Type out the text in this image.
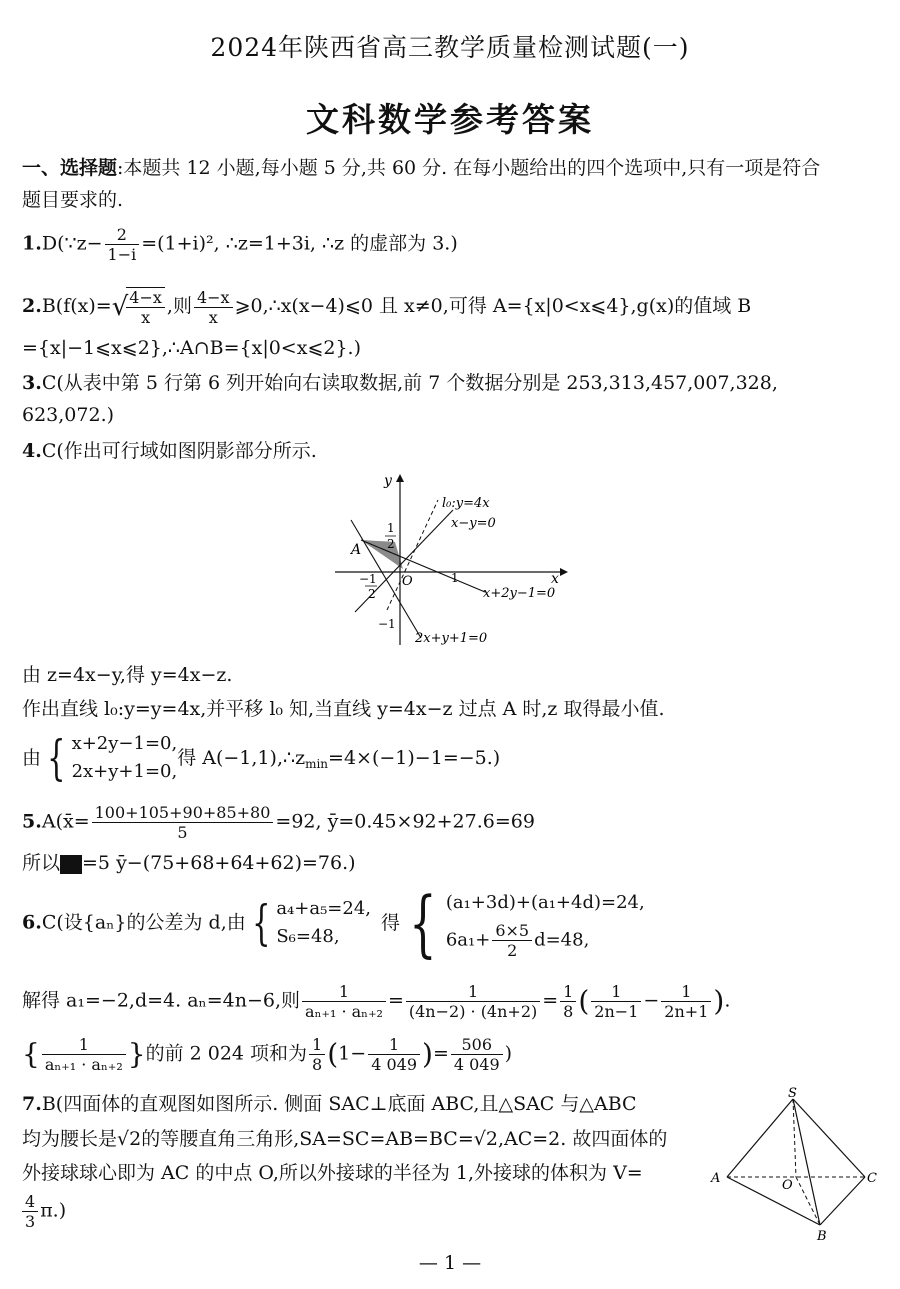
2024年陕西省高三教学质量检测试题(一)
文科数学参考答案
一、选择题:本题共 12 小题,每小题 5 分,共 60 分. 在每小题给出的四个选项中,只有一项是符合
题目要求的.
1.D(∵z− $\frac{2}{1-i} =(1+i)^2$, ∴z=1+3i, ∴z 的虚部为 3.)
2.B(f(x)=√
$\frac{4-x}{x}$ ,则 $\frac{4-x}{x}$ ⩾0,∴x(x−4)⩽0 且 x≠0,可得 A={x|0<x⩽4},g(x)的值域 B
={x|−1⩽x⩽2},∴A∩B={x|0<x⩽2}.)
3.C(从表中第 5 行第 6 列开始向右读取数据,前 7 个数据分别是 253,313,457,007,328,
623,072.)
4.C(作出可行域如图阴影部分所示.
y
x
O
A
l₀:y=4x
x−y=0
x+2y−1=0
2x+y+1=0
1
2
1
−1
2
−1
由 z=4x−y,得 y=4x−z.
作出直线 l₀:y=y=4x,并平移 l₀ 知,当直线 y=4x−z 过点 A 时,z 取得最小值.
由 { x+2y−1=0,
2x+y+1=0,
得 $A(-1,1),\therefore z_{min}=4\times(-1)-1=-5$.)
5.A(x̄= $\frac{100+105+90+85+80}{5} =92$, ȳ=0.45×92+27.6=69
所以 =5 ȳ−(75+68+64+62)=76.)
6.C(设{aₙ}的公差为 d,由 { a₄+a₅=24,
S₆=48,
得 { (a₁+3d)+(a₁+4d)=24,
$6a_1+ \frac{6\times 5}{2} d=48$,
解得 a₁=−2,d=4. aₙ=4n−6,则 $\frac{1}{\text{aₙ₊₁ · aₙ₊₂}} = \frac{1}{(4n-2) \cdot (4n+2)} = \frac{1}{8}$ ( $\frac{1}{2n-1} - \frac{1}{2n+1}$ ).
{ $\frac{1}{\text{aₙ₊₁ · aₙ₊₂}}$ }的前 2 024 项和为 $\frac{1}{8} (1- \frac{1}{4 049}$ )= $\frac{506}{4 049}$ )
7.B(四面体的直观图如图所示. 侧面 SAC⊥底面 ABC,且△SAC 与△ABC
均为腰长是√2的等腰直角三角形,SA=SC=AB=BC=√2,AC=2. 故四面体的
外接球球心即为 AC 的中点 O,所以外接球的半径为 1,外接球的体积为 V=
$\frac{4}{3} \pi$.)
S
A	C
B
O
— 1 —
